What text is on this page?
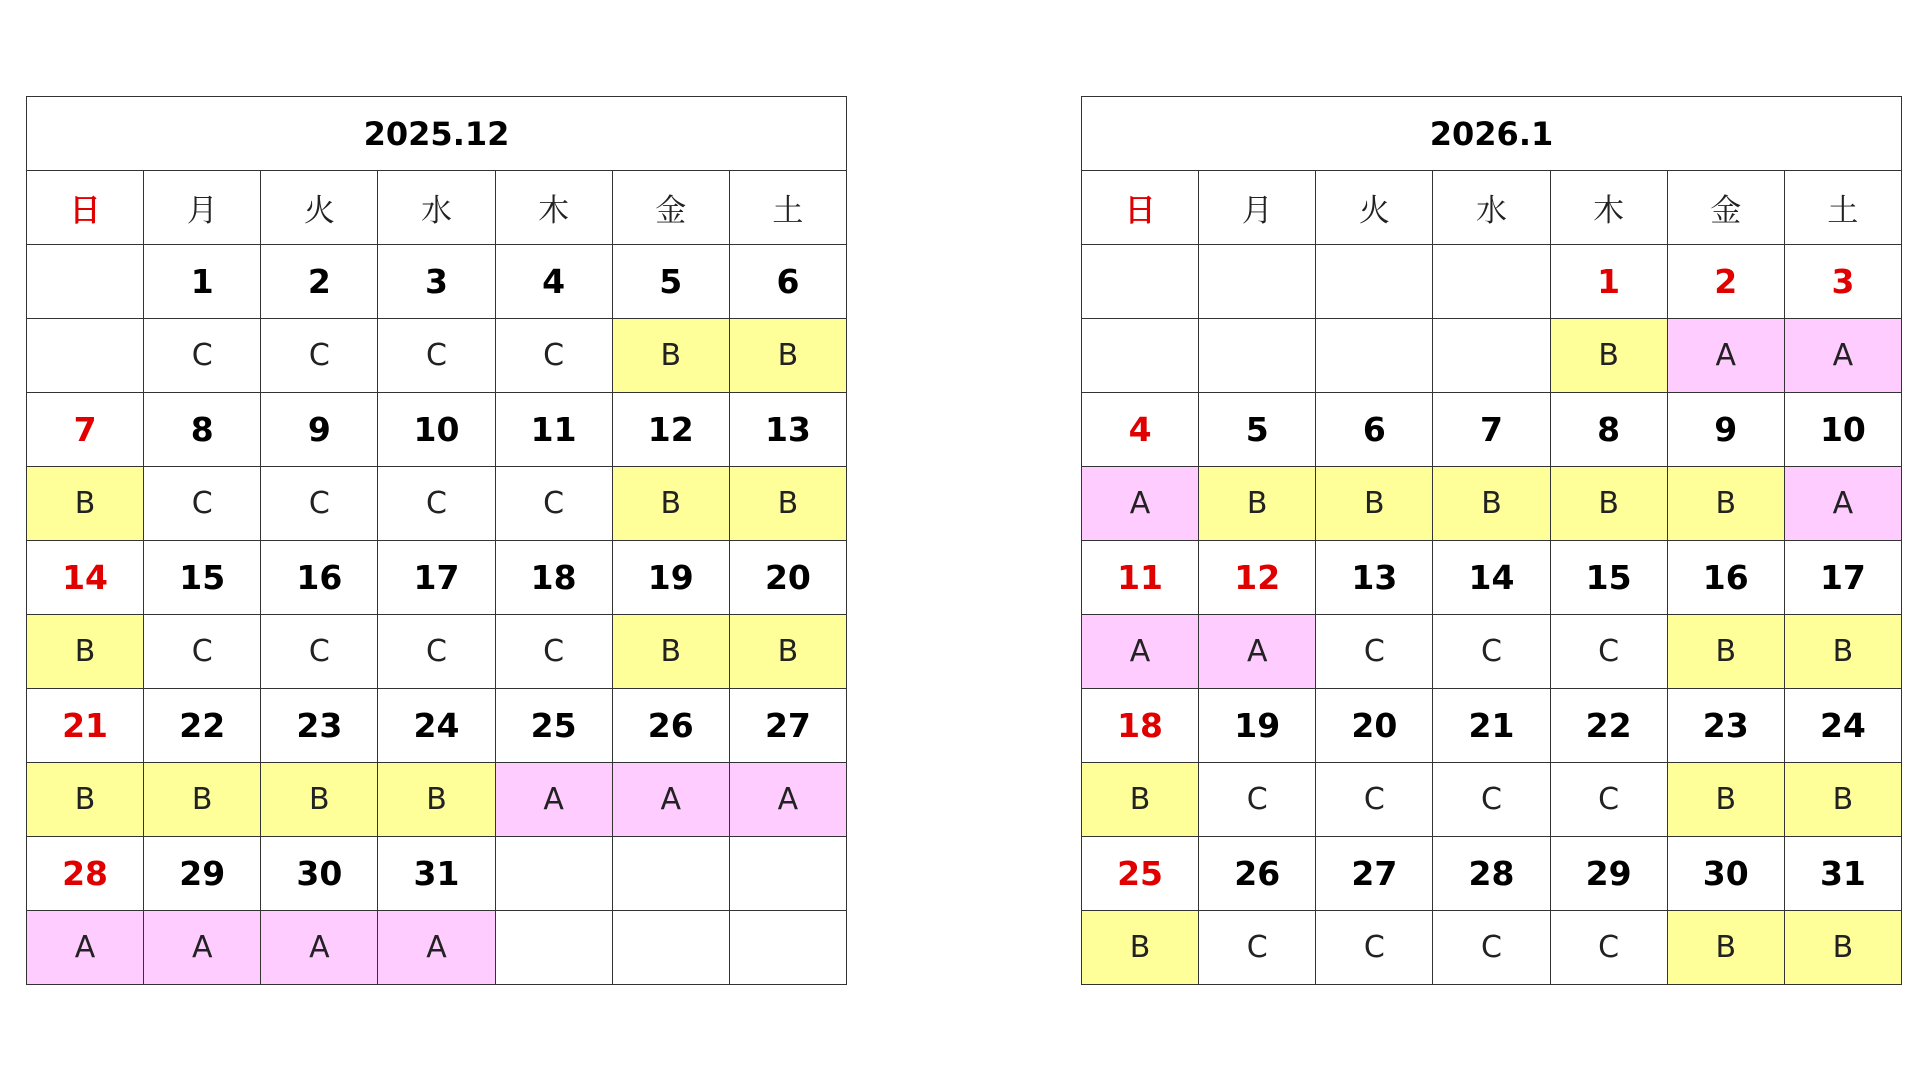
2025.12						
日	月	火	水	木	金	土
	1	2	3	4	5	6
	C	C	C	C	B	B
7	8	9	10	11	12	13
B	C	C	C	C	B	B
14	15	16	17	18	19	20
B	C	C	C	C	B	B
21	22	23	24	25	26	27
B	B	B	B	A	A	A
28	29	30	31			
A	A	A	A			
2026.1						
日	月	火	水	木	金	土
				1	2	3
				B	A	A
4	5	6	7	8	9	10
A	B	B	B	B	B	A
11	12	13	14	15	16	17
A	A	C	C	C	B	B
18	19	20	21	22	23	24
B	C	C	C	C	B	B
25	26	27	28	29	30	31
B	C	C	C	C	B	B
